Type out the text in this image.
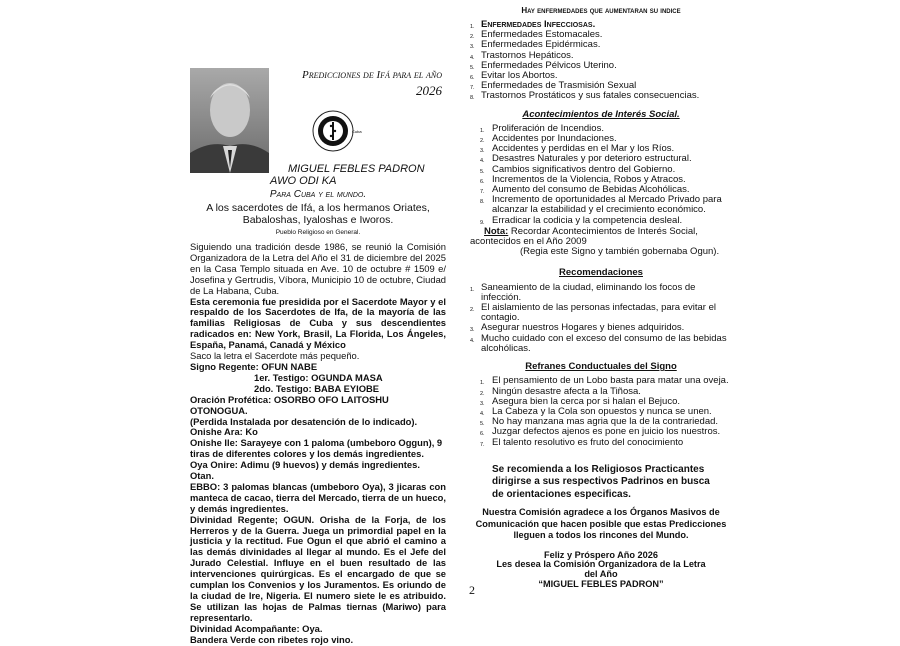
Predicciones de Ifá para el año
2026
Cuba
MIGUEL FEBLES PADRON
AWO ODI KA
Para Cuba y el mundo.
A los sacerdotes de Ifá, a los hermanos Oriates,
Babaloshas, Iyaloshas e Iworos.
Pueblo Religioso en General.

Siguiendo una tradición desde 1986, se reunió la Comisión Organizadora de la Letra del Año el 31 de diciembre del 2025 en la Casa Templo situada en Ave. 10 de octubre # 1509 e/ Josefina y Gertrudis, Víbora, Municipio 10 de octubre, Ciudad de La Habana, Cuba.

Esta ceremonia fue presidida por el Sacerdote Mayor y el respaldo de los Sacerdotes de Ifa, de la mayoría de las familias Religiosas de Cuba y sus descendientes radicados en: New York, Brasil, La Florida, Los Ángeles, España, Panamá, Canadá y México

Saco la letra el Sacerdote más pequeño.

Signo Regente: OFUN NABE

1er. Testigo: OGUNDA MASA

2do. Testigo: BABA EYIOBE

Oración Profética: OSORBO OFO LAITOSHU OTONOGUA.

(Perdida Instalada por desatención de lo indicado).

Onishe Ara: Ko

Onishe Ile: Sarayeye con 1 paloma (umbeboro Oggun), 9 tiras de diferentes colores y los demás ingredientes.

Oya Onire: Adimu (9 huevos) y demás ingredientes.

Otan.

EBBO: 3 palomas blancas (umbeboro Oya), 3 jicaras con manteca de cacao, tierra del Mercado, tierra de un hueco, y demás ingredientes.

Divinidad Regente; OGUN. Orisha de la Forja, de los Herreros y de la Guerra. Juega un primordial papel en la justicia y la rectitud. Fue Ogun el que abrió el camino a las demás divinidades al llegar al mundo. Es el Jefe del Jurado Celestial. Influye en el buen resultado de las intervenciones quirúrgicas. Es el encargado de que se cumplan los Convenios y los Juramentos. Es oriundo de la ciudad de Ire, Nigeria. El numero siete le es atribuido. Se utilizan las hojas de Palmas tiernas (Mariwo) para representarlo.

Divinidad Acompañante: Oya.

Bandera Verde con ribetes rojo vino.

Hay enfermedades que aumentaran su indice
1. Enfermedades Infecciosas.
2. Enfermedades Estomacales.
3. Enfermedades Epidérmicas.
4. Trastornos Hepáticos.
5. Enfermedades Pélvicos Uterino.
6. Evitar los Abortos.
7. Enfermedades de Trasmisión Sexual
8. Trastornos Prostáticos y sus fatales consecuencias.
Acontecimientos de Interés Social.
1. Proliferación de Incendios.
2. Accidentes por Inundaciones.
3. Accidentes y perdidas en el Mar y los Ríos.
4. Desastres Naturales y por deterioro estructural.
5. Cambios significativos dentro del Gobierno.
6. Incrementos de la Violencia, Robos y Atracos.
7. Aumento del consumo de Bebidas Alcohólicas.
8. Incremento de oportunidades al Mercado Privado para alcanzar la estabilidad y el crecimiento económico.
9. Erradicar la codicia y la competencia desleal.
Nota: Recordar Acontecimientos de Interés Social, acontecidos en el Año 2009
(Regia este Signo y también gobernaba Ogun).
Recomendaciones
1. Saneamiento de la ciudad, eliminando los focos de infección.
2. El aislamiento de las personas infectadas, para evitar el contagio.
3. Asegurar nuestros Hogares y bienes adquiridos.
4. Mucho cuidado con el exceso del consumo de las bebidas alcohólicas.
Refranes Conductuales del Signo
1. El pensamiento de un Lobo basta para matar una oveja.
2. Ningún desastre afecta a la Tiñosa.
3. Asegura bien la cerca por si halan el Bejuco.
4. La Cabeza y la Cola son opuestos y nunca se unen.
5. No hay manzana mas agria que la de la contrariedad.
6. Juzgar defectos ajenos es pone en juicio los nuestros.
7. El talento resolutivo es fruto del conocimiento
Se recomienda a los Religiosos Practicantes dirigirse a sus respectivos Padrinos en busca de orientaciones especificas.
Nuestra Comisión agradece a los Órganos Masivos de Comunicación que hacen posible que estas Predicciones lleguen a todos los rincones del Mundo.
Feliz y Próspero Año 2026
Les desea la Comisión Organizadora de la Letra del Año
“MIGUEL FEBLES PADRON”
2
